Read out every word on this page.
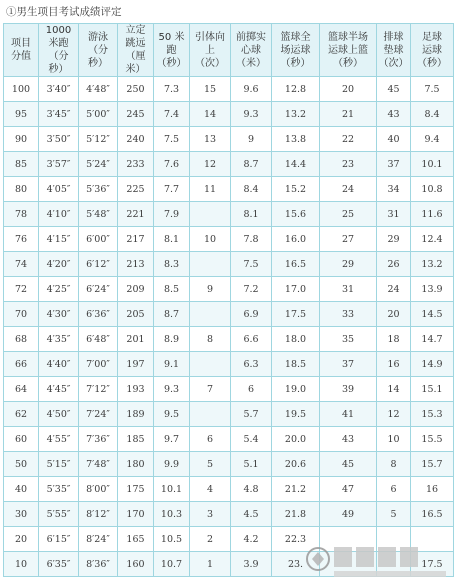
①男生项目考试成绩评定
项目
分值	1000
米跑
（分
秒）	游泳
（分
秒）	立定
跳远
（厘
米）	50 米
跑
（秒）	引体向
上
（次）	前掷实
心球
（米）	篮球全
场运球
（秒）	篮球半场
运球上篮
（秒）	排球
垫球
（次）	足球
运球
（秒）
100	3′40″	4′48″	250	7.3	15	9.6	12.8	20	45	7.5
95	3′45″	5′00″	245	7.4	14	9.3	13.2	21	43	8.4
90	3′50″	5′12″	240	7.5	13	9	13.8	22	40	9.4
85	3′57″	5′24″	233	7.6	12	8.7	14.4	23	37	10.1
80	4′05″	5′36″	225	7.7	11	8.4	15.2	24	34	10.8
78	4′10″	5′48″	221	7.9		8.1	15.6	25	31	11.6
76	4′15″	6′00″	217	8.1	10	7.8	16.0	27	29	12.4
74	4′20″	6′12″	213	8.3		7.5	16.5	29	26	13.2
72	4′25″	6′24″	209	8.5	9	7.2	17.0	31	24	13.9
70	4′30″	6′36″	205	8.7		6.9	17.5	33	20	14.5
68	4′35″	6′48″	201	8.9	8	6.6	18.0	35	18	14.7
66	4′40″	7′00″	197	9.1		6.3	18.5	37	16	14.9
64	4′45″	7′12″	193	9.3	7	6	19.0	39	14	15.1
62	4′50″	7′24″	189	9.5		5.7	19.5	41	12	15.3
60	4′55″	7′36″	185	9.7	6	5.4	20.0	43	10	15.5
50	5′15″	7′48″	180	9.9	5	5.1	20.6	45	8	15.7
40	5′35″	8′00″	175	10.1	4	4.8	21.2	47	6	16
30	5′55″	8′12″	170	10.3	3	4.5	21.8	49	5	16.5
20	6′15″	8′24″	165	10.5	2	4.2	22.3			
10	6′35″	8′36″	160	10.7	1	3.9	23.			17.5
